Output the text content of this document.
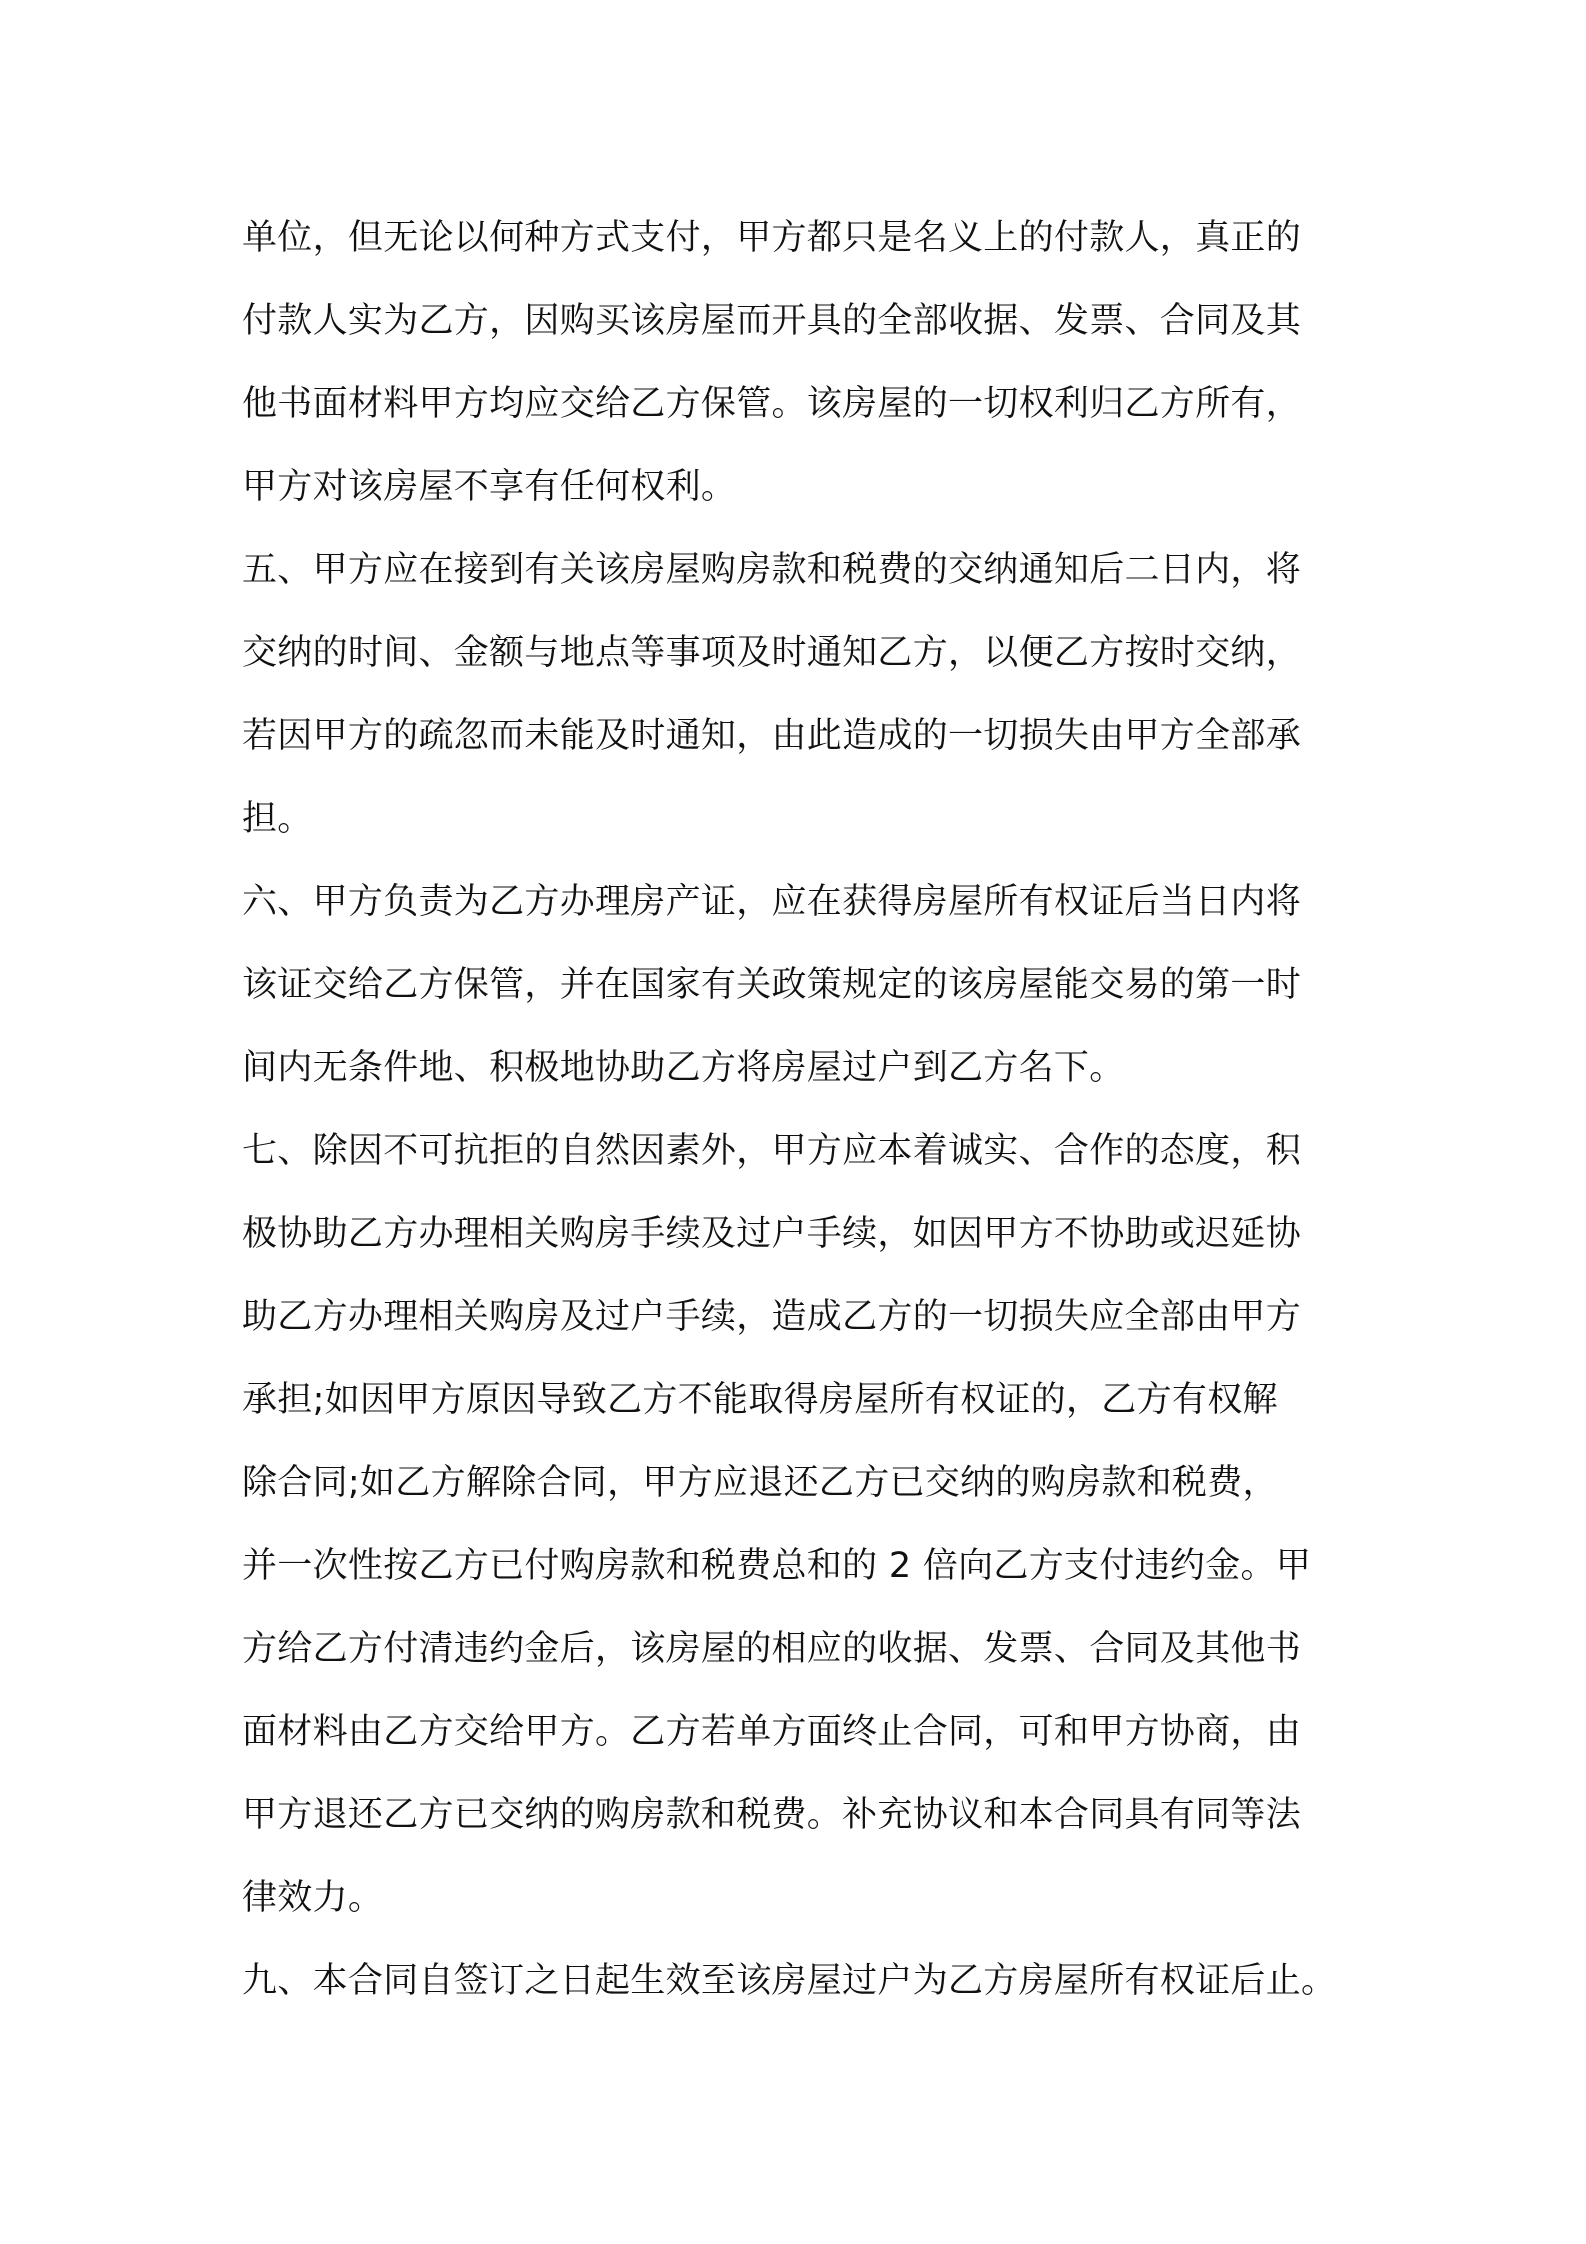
单位，但无论以何种方式支付，甲方都只是名义上的付款人，真正的
付款人实为乙方，因购买该房屋而开具的全部收据、发票、合同及其
他书面材料甲方均应交给乙方保管。该房屋的一切权利归乙方所有，
甲方对该房屋不享有任何权利。
五、甲方应在接到有关该房屋购房款和税费的交纳通知后二日内，将
交纳的时间、金额与地点等事项及时通知乙方，以便乙方按时交纳，
若因甲方的疏忽而未能及时通知，由此造成的一切损失由甲方全部承
担。
六、甲方负责为乙方办理房产证，应在获得房屋所有权证后当日内将
该证交给乙方保管，并在国家有关政策规定的该房屋能交易的第一时
间内无条件地、积极地协助乙方将房屋过户到乙方名下。
七、除因不可抗拒的自然因素外，甲方应本着诚实、合作的态度，积
极协助乙方办理相关购房手续及过户手续，如因甲方不协助或迟延协
助乙方办理相关购房及过户手续，造成乙方的一切损失应全部由甲方
承担;如因甲方原因导致乙方不能取得房屋所有权证的，乙方有权解
除合同;如乙方解除合同，甲方应退还乙方已交纳的购房款和税费，
并一次性按乙方已付购房款和税费总和的 2 倍向乙方支付违约金。甲
方给乙方付清违约金后，该房屋的相应的收据、发票、合同及其他书
面材料由乙方交给甲方。乙方若单方面终止合同，可和甲方协商，由
甲方退还乙方已交纳的购房款和税费。补充协议和本合同具有同等法
律效力。
九、本合同自签订之日起生效至该房屋过户为乙方房屋所有权证后止。
